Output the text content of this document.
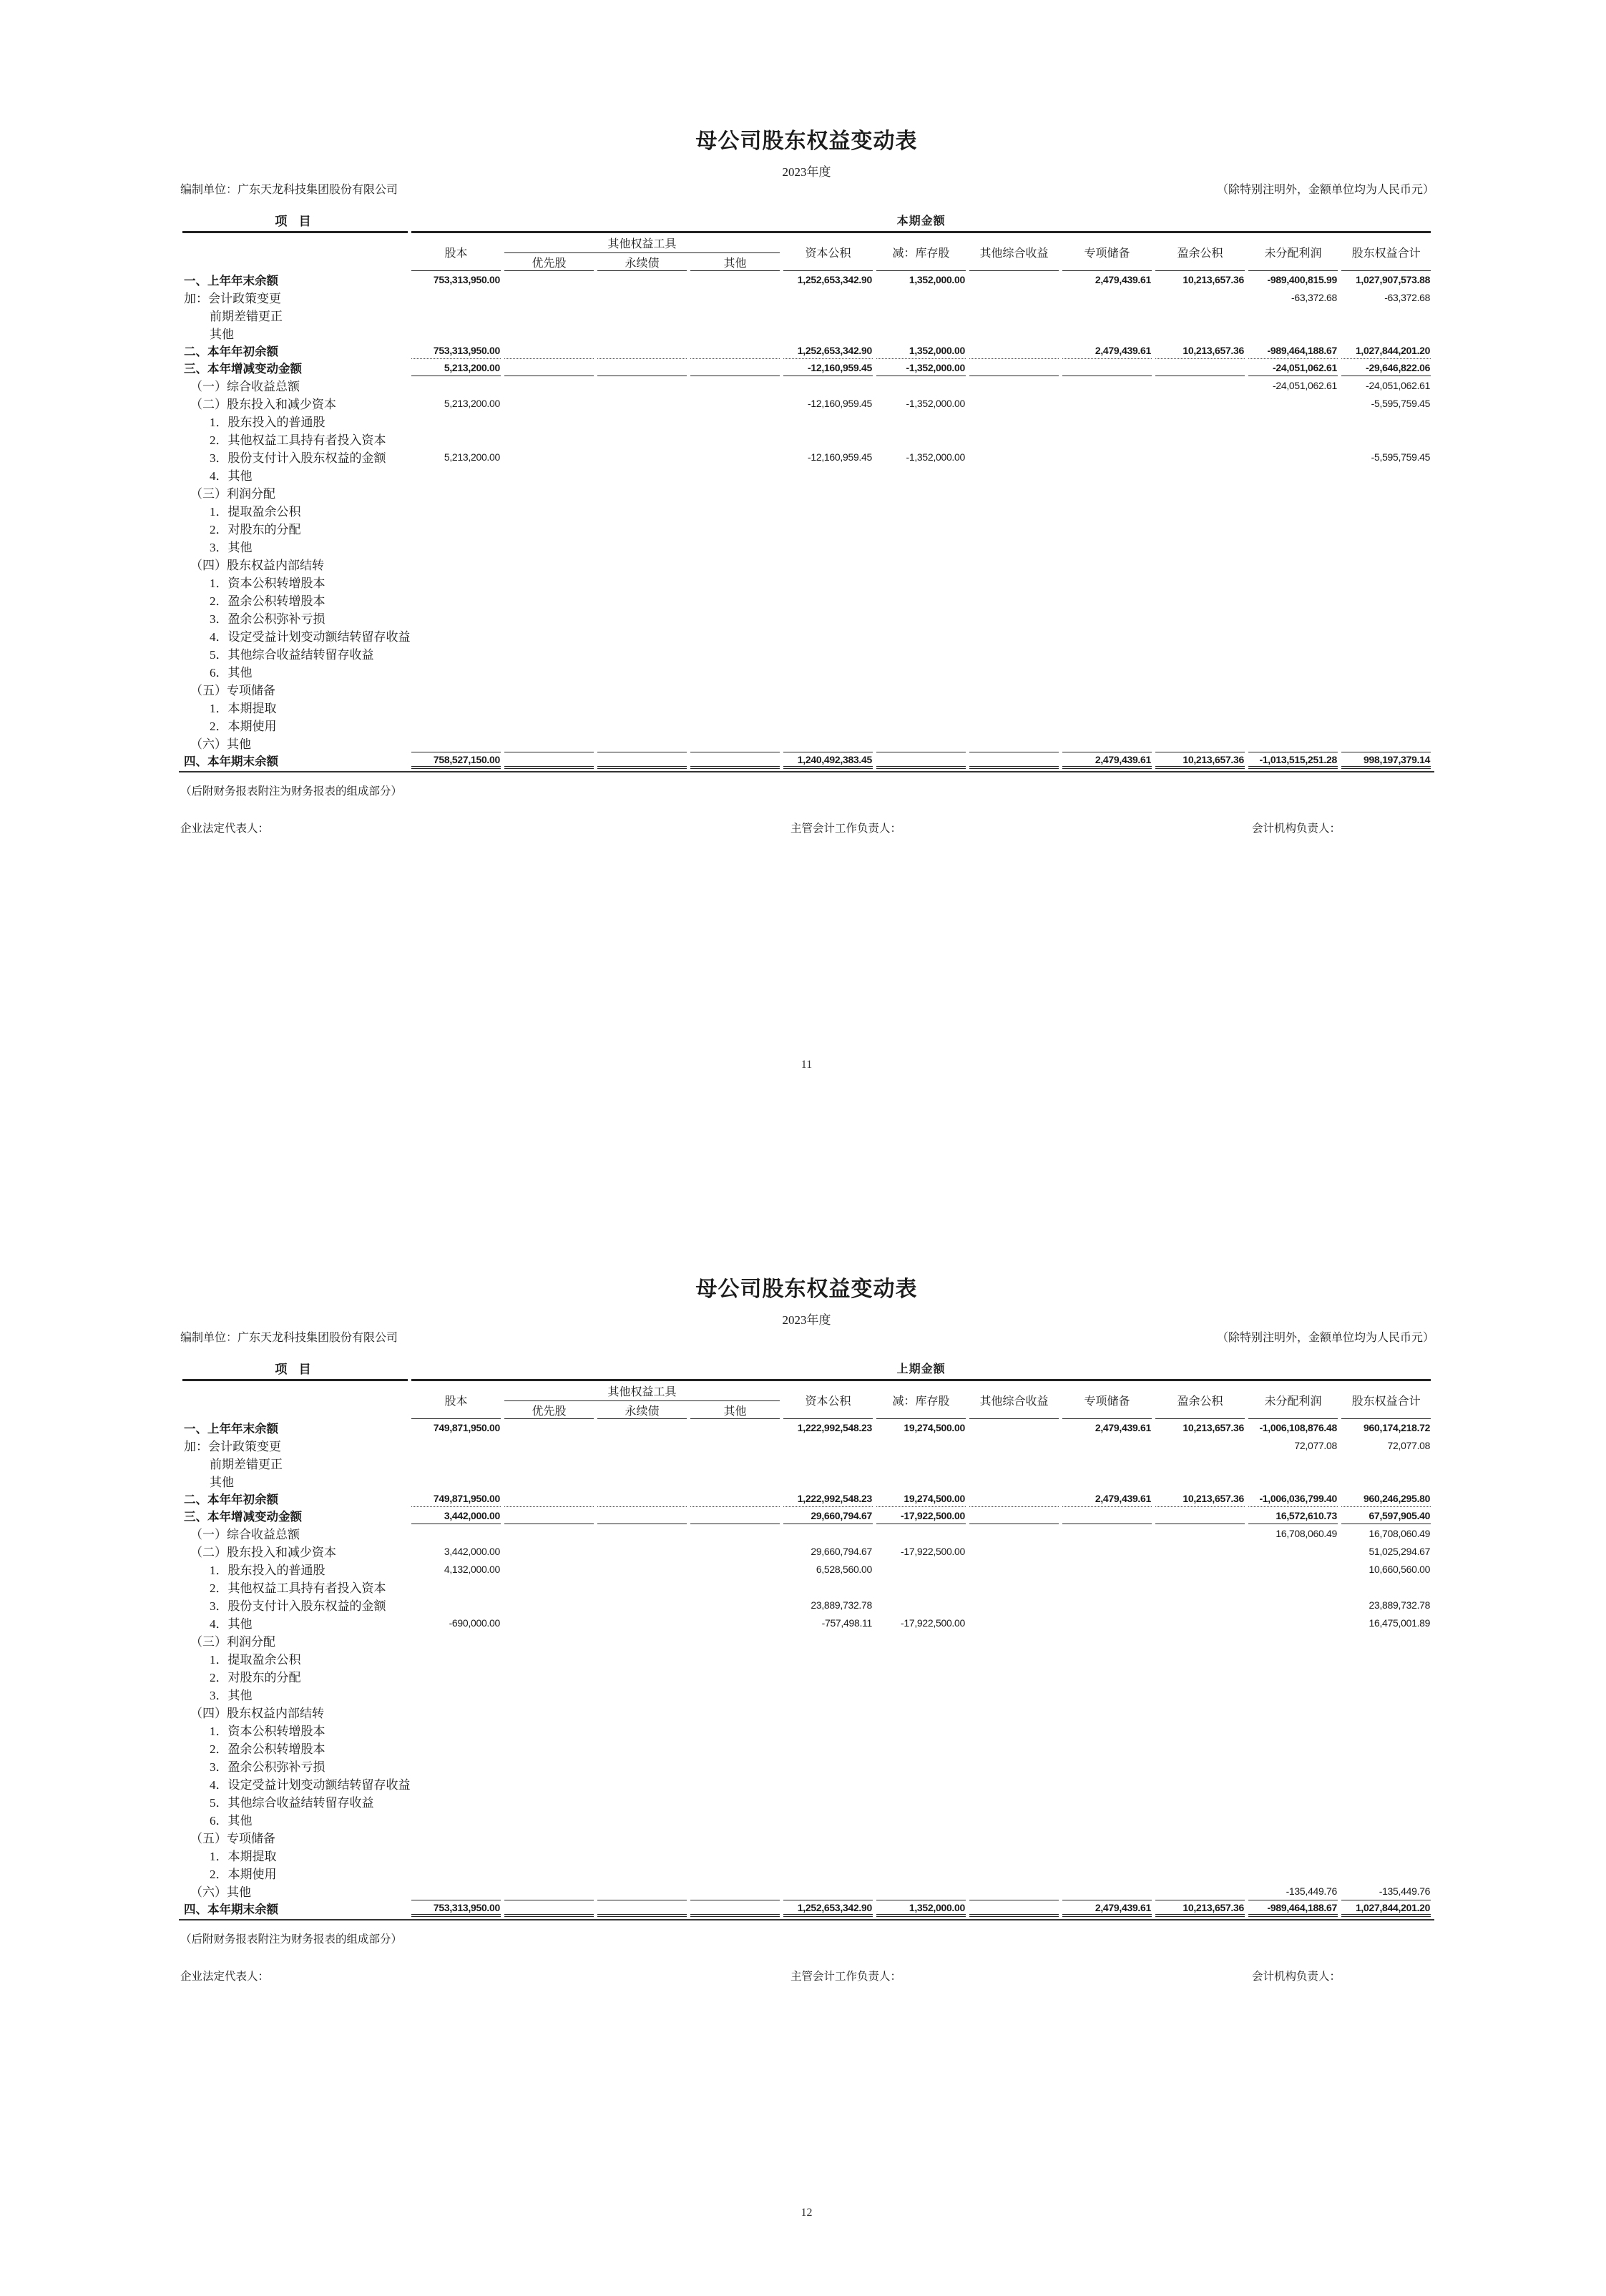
母公司股东权益变动表
2023年度
编制单位：广东天龙科技集团股份有限公司	（除特别注明外，金额单位均为人民币元）
项 目	本期金额										
	股本	其他权益工具			资本公积	减：库存股	其他综合收益	专项储备	盈余公积	未分配利润	股东权益合计
		优先股	永续债	其他							
一、上年年末余额	753,313,950.00				1,252,653,342.90	1,352,000.00		2,479,439.61	10,213,657.36	-989,400,815.99	1,027,907,573.88
加：会计政策变更										-63,372.68	-63,372.68
前期差错更正											
其他											
二、本年年初余额	753,313,950.00				1,252,653,342.90	1,352,000.00		2,479,439.61	10,213,657.36	-989,464,188.67	1,027,844,201.20
三、本年增减变动金额	5,213,200.00				-12,160,959.45	-1,352,000.00				-24,051,062.61	-29,646,822.06
（一）综合收益总额										-24,051,062.61	-24,051,062.61
（二）股东投入和减少资本	5,213,200.00				-12,160,959.45	-1,352,000.00					-5,595,759.45
1．股东投入的普通股											
2．其他权益工具持有者投入资本											
3．股份支付计入股东权益的金额	5,213,200.00				-12,160,959.45	-1,352,000.00					-5,595,759.45
4．其他											
（三）利润分配											
1．提取盈余公积											
2．对股东的分配											
3．其他											
（四）股东权益内部结转											
1．资本公积转增股本											
2．盈余公积转增股本											
3．盈余公积弥补亏损											
4．设定受益计划变动额结转留存收益											
5．其他综合收益结转留存收益											
6．其他											
（五）专项储备											
1．本期提取											
2．本期使用											
（六）其他											
四、本年期末余额	758,527,150.00				1,240,492,383.45			2,479,439.61	10,213,657.36	-1,013,515,251.28	998,197,379.14
（后附财务报表附注为财务报表的组成部分）
企业法定代表人：	主管会计工作负责人：	会计机构负责人：
11
母公司股东权益变动表
2023年度
编制单位：广东天龙科技集团股份有限公司	（除特别注明外，金额单位均为人民币元）
项 目	上期金额										
	股本	其他权益工具			资本公积	减：库存股	其他综合收益	专项储备	盈余公积	未分配利润	股东权益合计
		优先股	永续债	其他							
一、上年年末余额	749,871,950.00				1,222,992,548.23	19,274,500.00		2,479,439.61	10,213,657.36	-1,006,108,876.48	960,174,218.72
加：会计政策变更										72,077.08	72,077.08
前期差错更正											
其他											
二、本年年初余额	749,871,950.00				1,222,992,548.23	19,274,500.00		2,479,439.61	10,213,657.36	-1,006,036,799.40	960,246,295.80
三、本年增减变动金额	3,442,000.00				29,660,794.67	-17,922,500.00				16,572,610.73	67,597,905.40
（一）综合收益总额										16,708,060.49	16,708,060.49
（二）股东投入和减少资本	3,442,000.00				29,660,794.67	-17,922,500.00					51,025,294.67
1．股东投入的普通股	4,132,000.00				6,528,560.00						10,660,560.00
2．其他权益工具持有者投入资本											
3．股份支付计入股东权益的金额					23,889,732.78						23,889,732.78
4．其他	-690,000.00				-757,498.11	-17,922,500.00					16,475,001.89
（三）利润分配											
1．提取盈余公积											
2．对股东的分配											
3．其他											
（四）股东权益内部结转											
1．资本公积转增股本											
2．盈余公积转增股本											
3．盈余公积弥补亏损											
4．设定受益计划变动额结转留存收益											
5．其他综合收益结转留存收益											
6．其他											
（五）专项储备											
1．本期提取											
2．本期使用											
（六）其他										-135,449.76	-135,449.76
四、本年期末余额	753,313,950.00				1,252,653,342.90	1,352,000.00		2,479,439.61	10,213,657.36	-989,464,188.67	1,027,844,201.20
（后附财务报表附注为财务报表的组成部分）
企业法定代表人：	主管会计工作负责人：	会计机构负责人：
12
